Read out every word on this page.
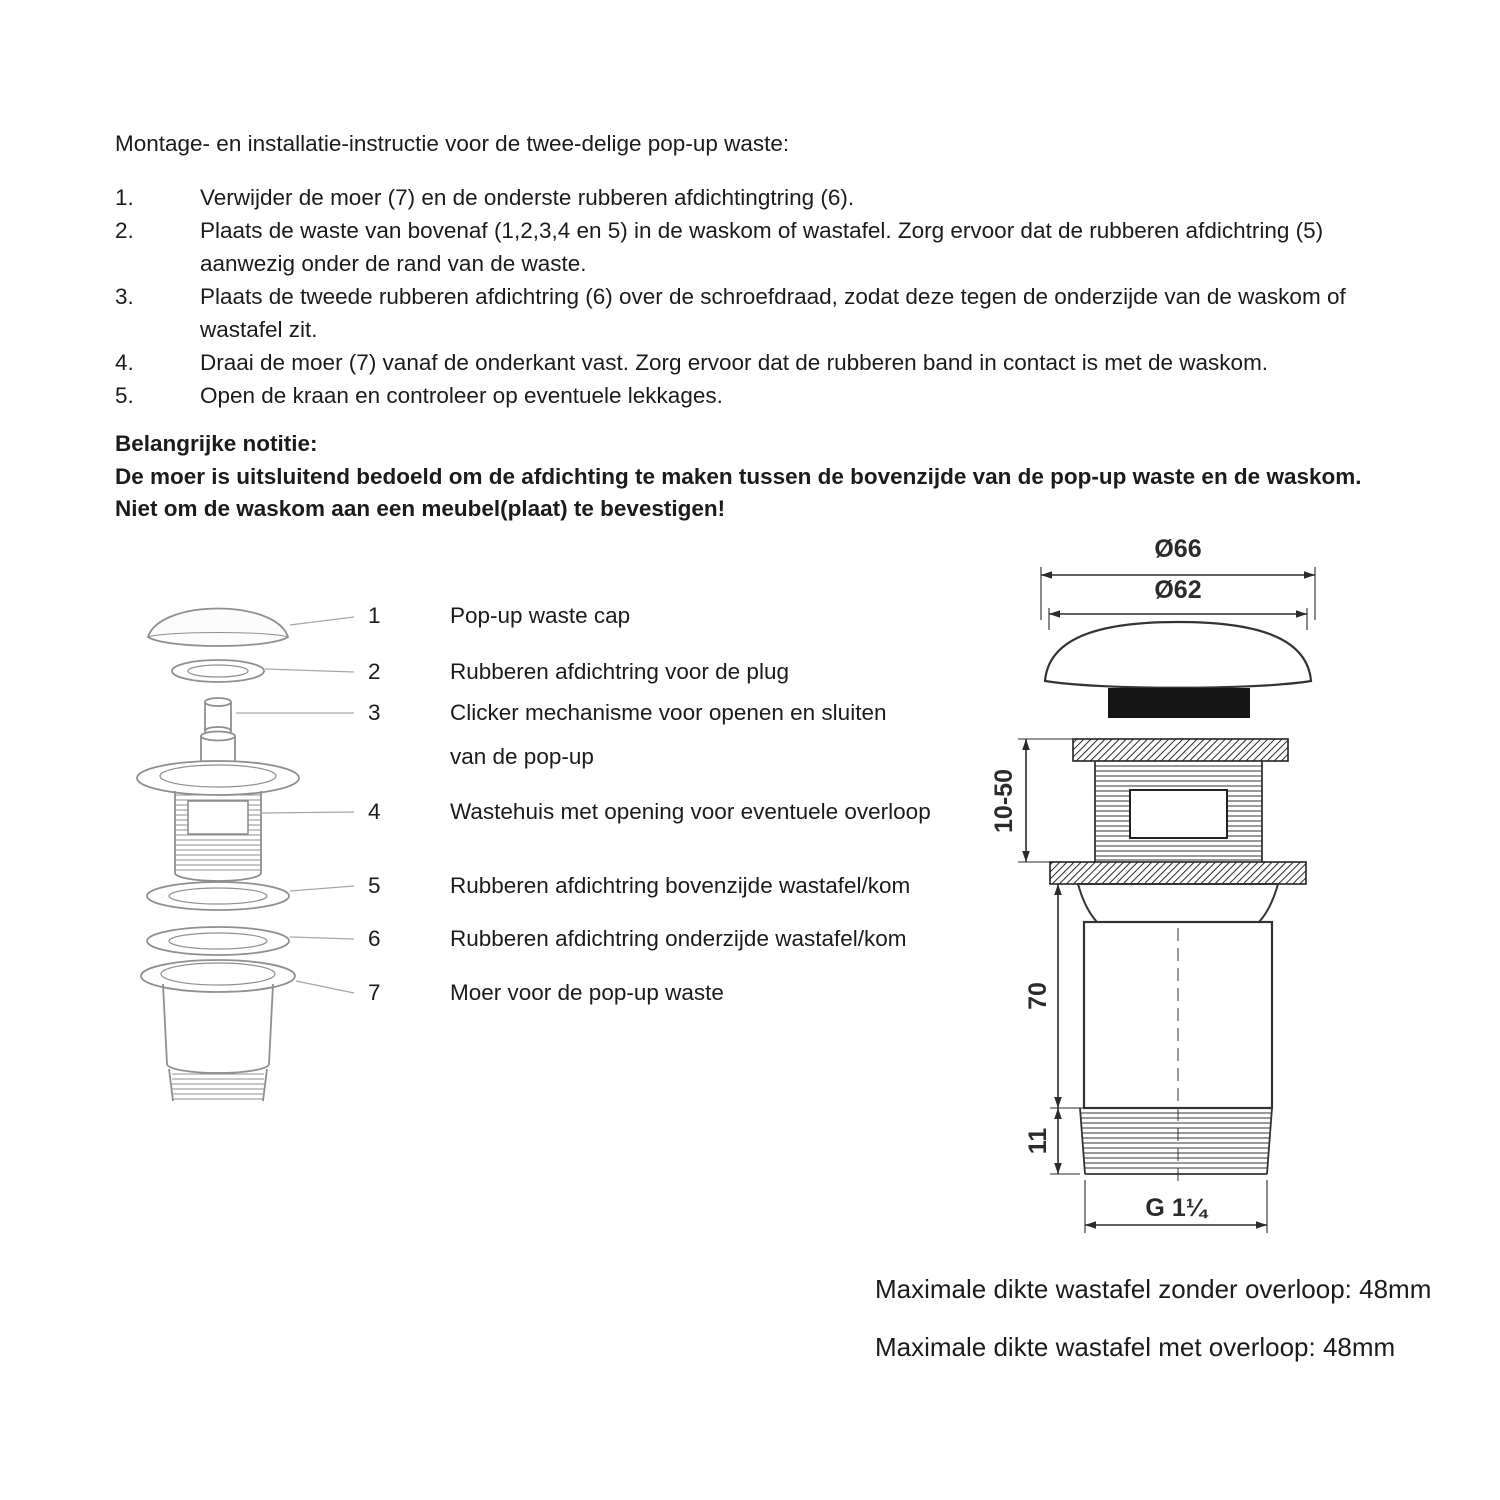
Montage- en installatie-instructie voor de twee-delige pop-up waste:
1.	Verwijder de moer (7) en de onderste rubberen afdichtingtring (6).
2.	Plaats de waste van bovenaf (1,2,3,4 en 5) in de waskom of wastafel. Zorg ervoor dat de rubberen afdichtring (5) aanwezig onder de rand van de waste.
3.	Plaats de tweede rubberen afdichtring (6) over de schroefdraad, zodat deze tegen de onderzijde van de waskom of wastafel zit.
4.	Draai de moer (7) vanaf de onderkant vast. Zorg ervoor dat de rubberen band in contact is met de waskom.
5.	Open de kraan en controleer op eventuele lekkages.
Belangrijke notitie:
De moer is uitsluitend bedoeld om de afdichting te maken tussen de bovenzijde van de pop-up waste en de waskom.
Niet om de waskom aan een meubel(plaat) te bevestigen!
1	Pop-up waste cap
2	Rubberen afdichtring voor de plug
3	Clicker mechanisme voor openen en sluiten
van de pop-up
4	Wastehuis met opening voor eventuele overloop
5	Rubberen afdichtring bovenzijde wastafel/kom
6	Rubberen afdichtring onderzijde wastafel/kom
7	Moer voor de pop-up waste
Ø66
Ø62
10-50
70
11
G 1¼
Maximale dikte wastafel zonder overloop: 48mm
Maximale dikte wastafel met overloop: 48mm
